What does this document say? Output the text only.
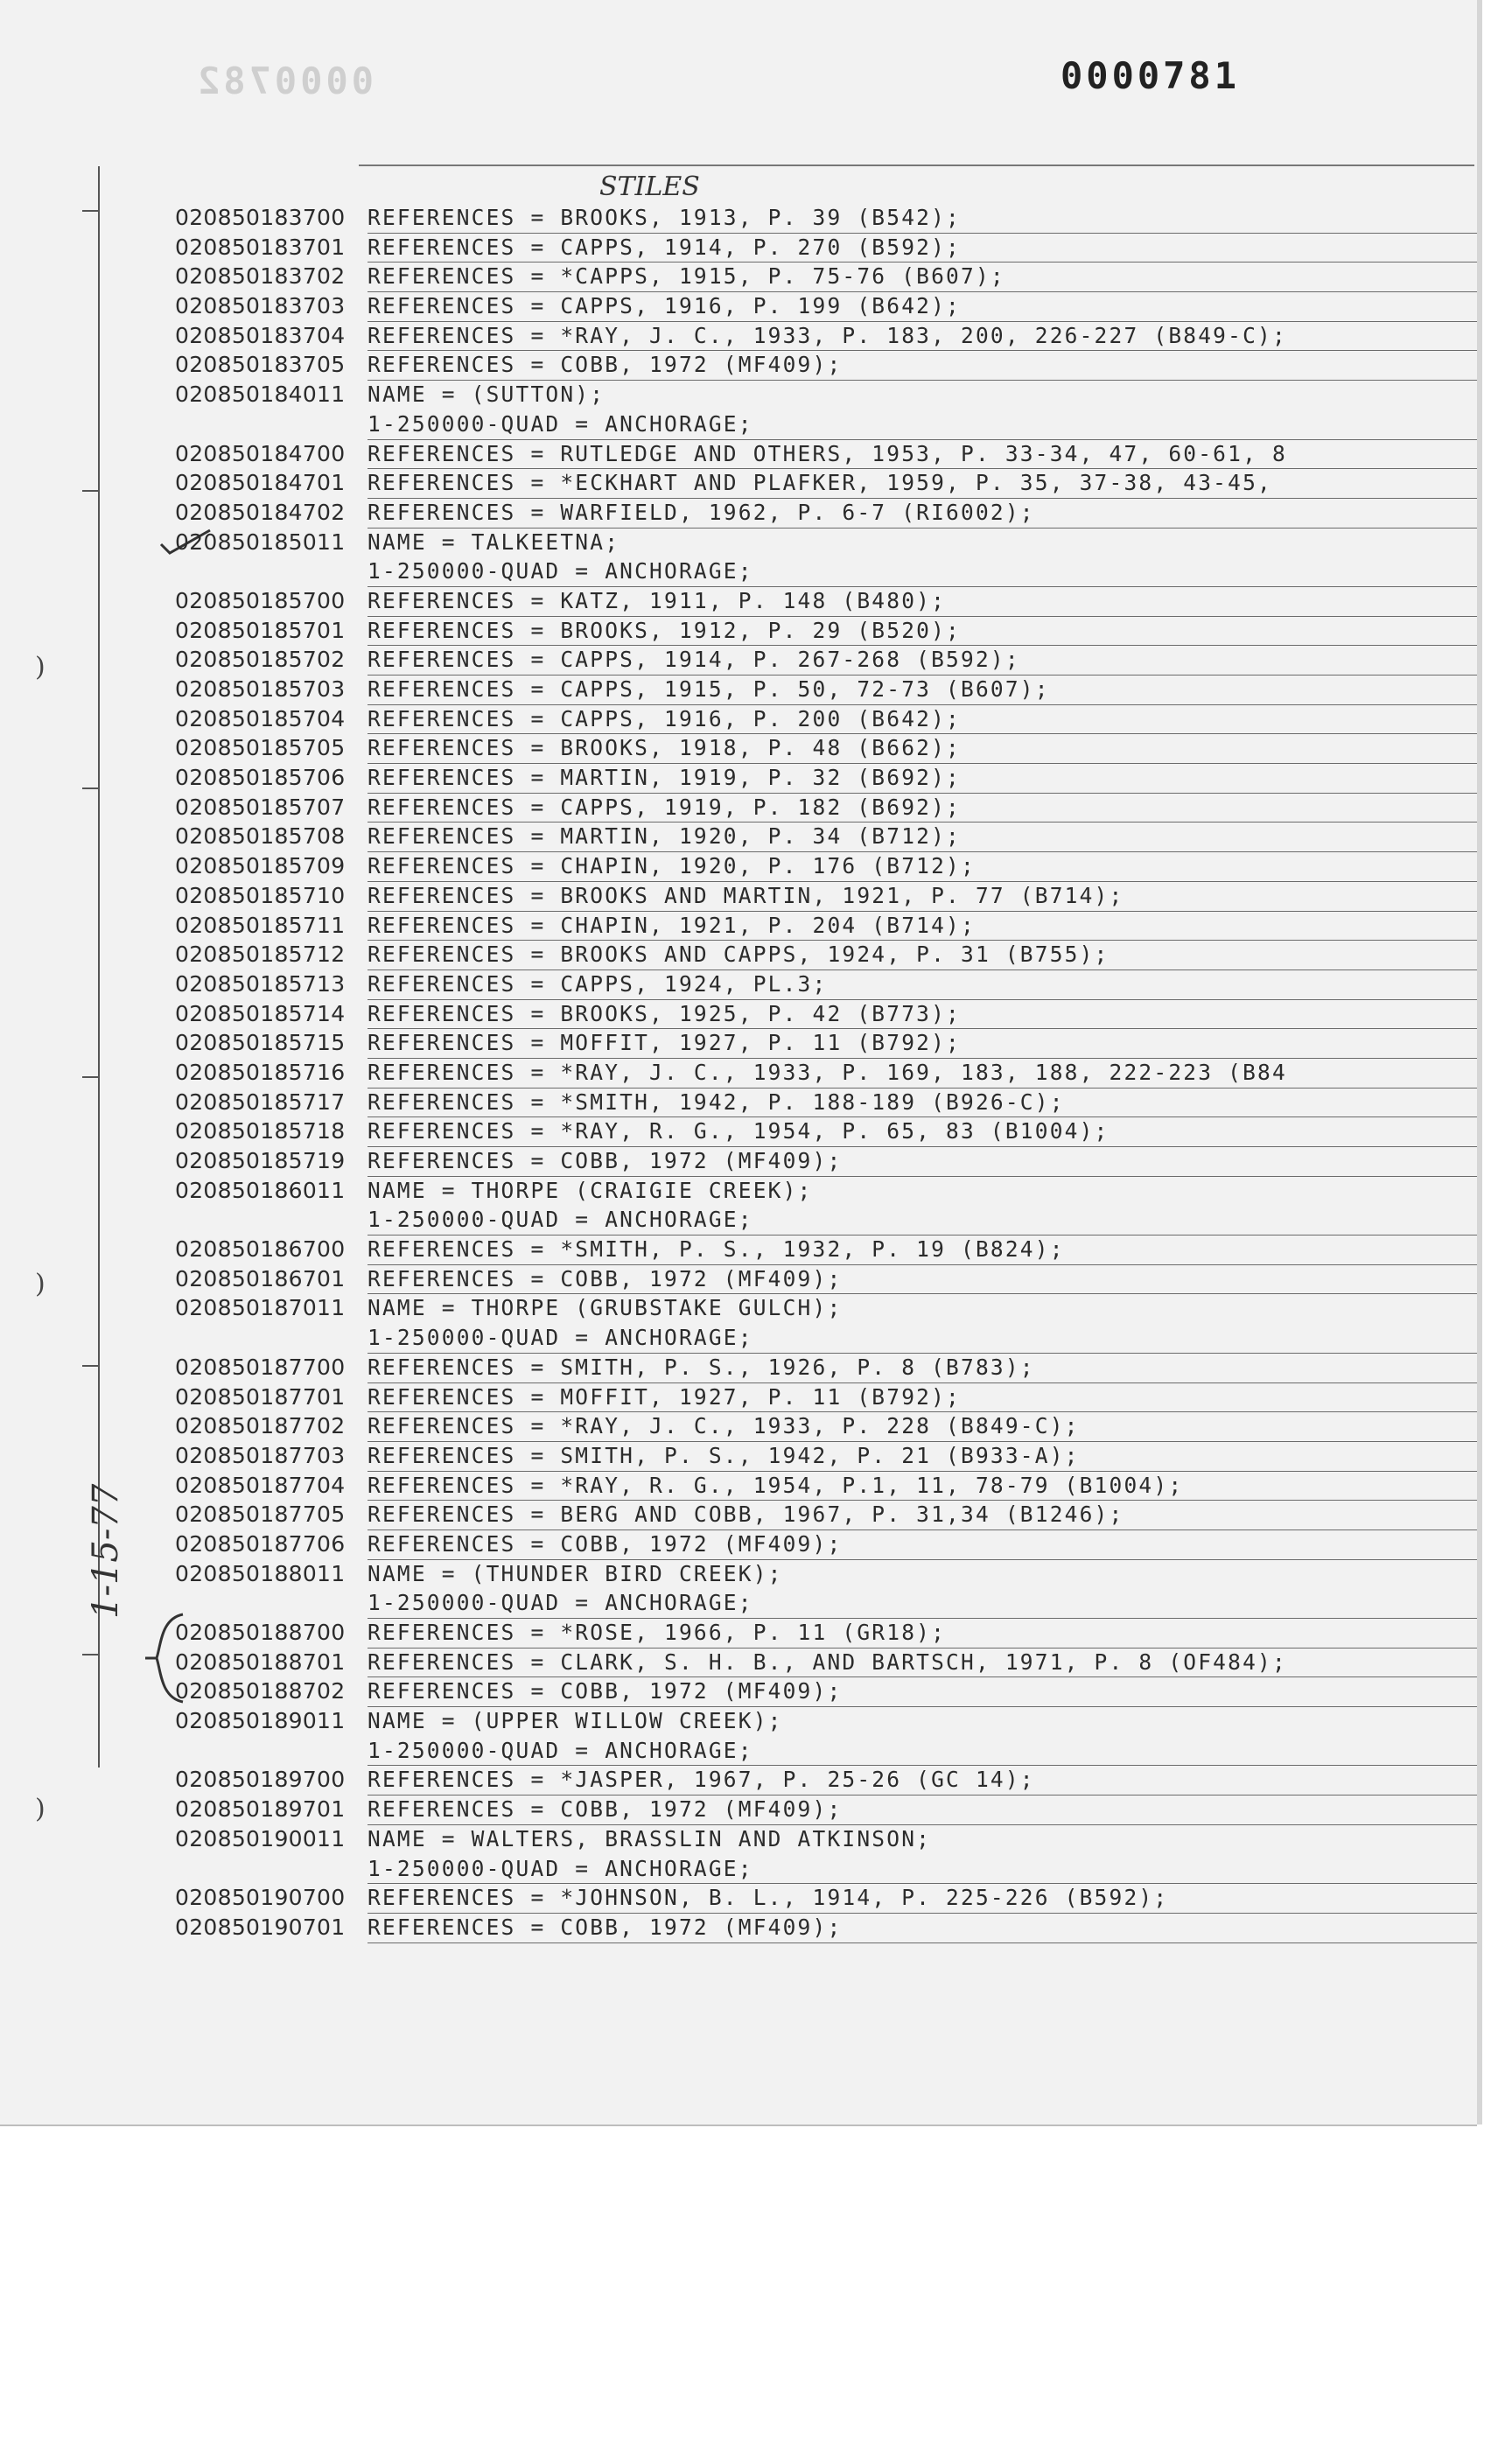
0000782	0000781
)
)
)
STILES
1-15-77
020850183700 REFERENCES = BROOKS, 1913, P. 39 (B542);
020850183701 REFERENCES = CAPPS, 1914, P. 270 (B592);
020850183702 REFERENCES = *CAPPS, 1915, P. 75-76 (B607);
020850183703 REFERENCES = CAPPS, 1916, P. 199 (B642);
020850183704 REFERENCES = *RAY, J. C., 1933, P. 183, 200, 226-227 (B849-C);
020850183705 REFERENCES = COBB, 1972 (MF409);
020850184011 NAME = (SUTTON);
1-250000-QUAD = ANCHORAGE;
020850184700 REFERENCES = RUTLEDGE AND OTHERS, 1953, P. 33-34, 47, 60-61, 8
020850184701 REFERENCES = *ECKHART AND PLAFKER, 1959, P. 35, 37-38, 43-45,
020850184702 REFERENCES = WARFIELD, 1962, P. 6-7 (RI6002);
020850185011 NAME = TALKEETNA;
1-250000-QUAD = ANCHORAGE;
020850185700 REFERENCES = KATZ, 1911, P. 148 (B480);
020850185701 REFERENCES = BROOKS, 1912, P. 29 (B520);
020850185702 REFERENCES = CAPPS, 1914, P. 267-268 (B592);
020850185703 REFERENCES = CAPPS, 1915, P. 50, 72-73 (B607);
020850185704 REFERENCES = CAPPS, 1916, P. 200 (B642);
020850185705 REFERENCES = BROOKS, 1918, P. 48 (B662);
020850185706 REFERENCES = MARTIN, 1919, P. 32 (B692);
020850185707 REFERENCES = CAPPS, 1919, P. 182 (B692);
020850185708 REFERENCES = MARTIN, 1920, P. 34 (B712);
020850185709 REFERENCES = CHAPIN, 1920, P. 176 (B712);
020850185710 REFERENCES = BROOKS AND MARTIN, 1921, P. 77 (B714);
020850185711 REFERENCES = CHAPIN, 1921, P. 204 (B714);
020850185712 REFERENCES = BROOKS AND CAPPS, 1924, P. 31 (B755);
020850185713 REFERENCES = CAPPS, 1924, PL.3;
020850185714 REFERENCES = BROOKS, 1925, P. 42 (B773);
020850185715 REFERENCES = MOFFIT, 1927, P. 11 (B792);
020850185716 REFERENCES = *RAY, J. C., 1933, P. 169, 183, 188, 222-223 (B84
020850185717 REFERENCES = *SMITH, 1942, P. 188-189 (B926-C);
020850185718 REFERENCES = *RAY, R. G., 1954, P. 65, 83 (B1004);
020850185719 REFERENCES = COBB, 1972 (MF409);
020850186011 NAME = THORPE (CRAIGIE CREEK);
1-250000-QUAD = ANCHORAGE;
020850186700 REFERENCES = *SMITH, P. S., 1932, P. 19 (B824);
020850186701 REFERENCES = COBB, 1972 (MF409);
020850187011 NAME = THORPE (GRUBSTAKE GULCH);
1-250000-QUAD = ANCHORAGE;
020850187700 REFERENCES = SMITH, P. S., 1926, P. 8 (B783);
020850187701 REFERENCES = MOFFIT, 1927, P. 11 (B792);
020850187702 REFERENCES = *RAY, J. C., 1933, P. 228 (B849-C);
020850187703 REFERENCES = SMITH, P. S., 1942, P. 21 (B933-A);
020850187704 REFERENCES = *RAY, R. G., 1954, P.1, 11, 78-79 (B1004);
020850187705 REFERENCES = BERG AND COBB, 1967, P. 31,34 (B1246);
020850187706 REFERENCES = COBB, 1972 (MF409);
020850188011 NAME = (THUNDER BIRD CREEK);
1-250000-QUAD = ANCHORAGE;
020850188700 REFERENCES = *ROSE, 1966, P. 11 (GR18);
020850188701 REFERENCES = CLARK, S. H. B., AND BARTSCH, 1971, P. 8 (OF484);
020850188702 REFERENCES = COBB, 1972 (MF409);
020850189011 NAME = (UPPER WILLOW CREEK);
1-250000-QUAD = ANCHORAGE;
020850189700 REFERENCES = *JASPER, 1967, P. 25-26 (GC 14);
020850189701 REFERENCES = COBB, 1972 (MF409);
020850190011 NAME = WALTERS, BRASSLIN AND ATKINSON;
1-250000-QUAD = ANCHORAGE;
020850190700 REFERENCES = *JOHNSON, B. L., 1914, P. 225-226 (B592);
020850190701 REFERENCES = COBB, 1972 (MF409);
